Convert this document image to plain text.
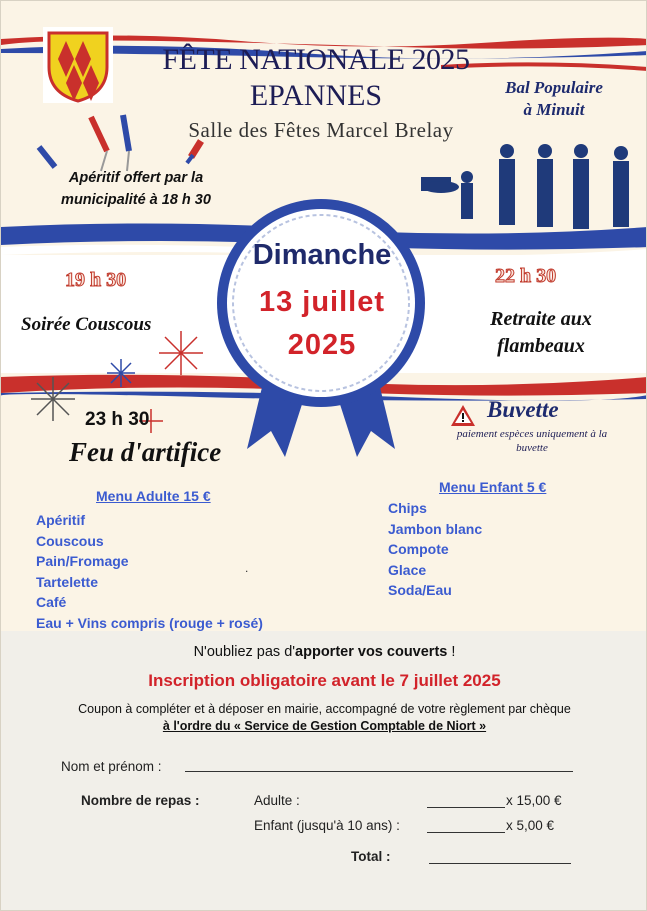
FÊTE NATIONALE 2025
EPANNES
Salle des Fêtes Marcel Brelay
Bal Populaire
à Minuit
Apéritif offert par la
municipalité à 18 h 30
19 h 30	22 h 30
Soirée Couscous	Retraite aux
flambeaux
Dimanche
13 juillet
2025
23 h 30
Feu d'artifice
Buvette
paiement espèces uniquement à la
buvette
Menu Adulte 15 €
Apéritif
Couscous
Pain/Fromage
Tartelette
Café
Eau + Vins compris (rouge + rosé)
Menu Enfant 5 €
Chips
Jambon blanc
Compote
Glace
Soda/Eau
.
N'oubliez pas d'apporter vos couverts !
Inscription obligatoire avant le 7 juillet 2025
Coupon à compléter et à déposer en mairie, accompagné de votre règlement par chèque
à l'ordre du « Service de Gestion Comptable de Niort »
Nom et prénom :
Nombre de repas :	Adulte :	x 15,00 €
Enfant (jusqu'à 10 ans) :	x 5,00 €
Total :
